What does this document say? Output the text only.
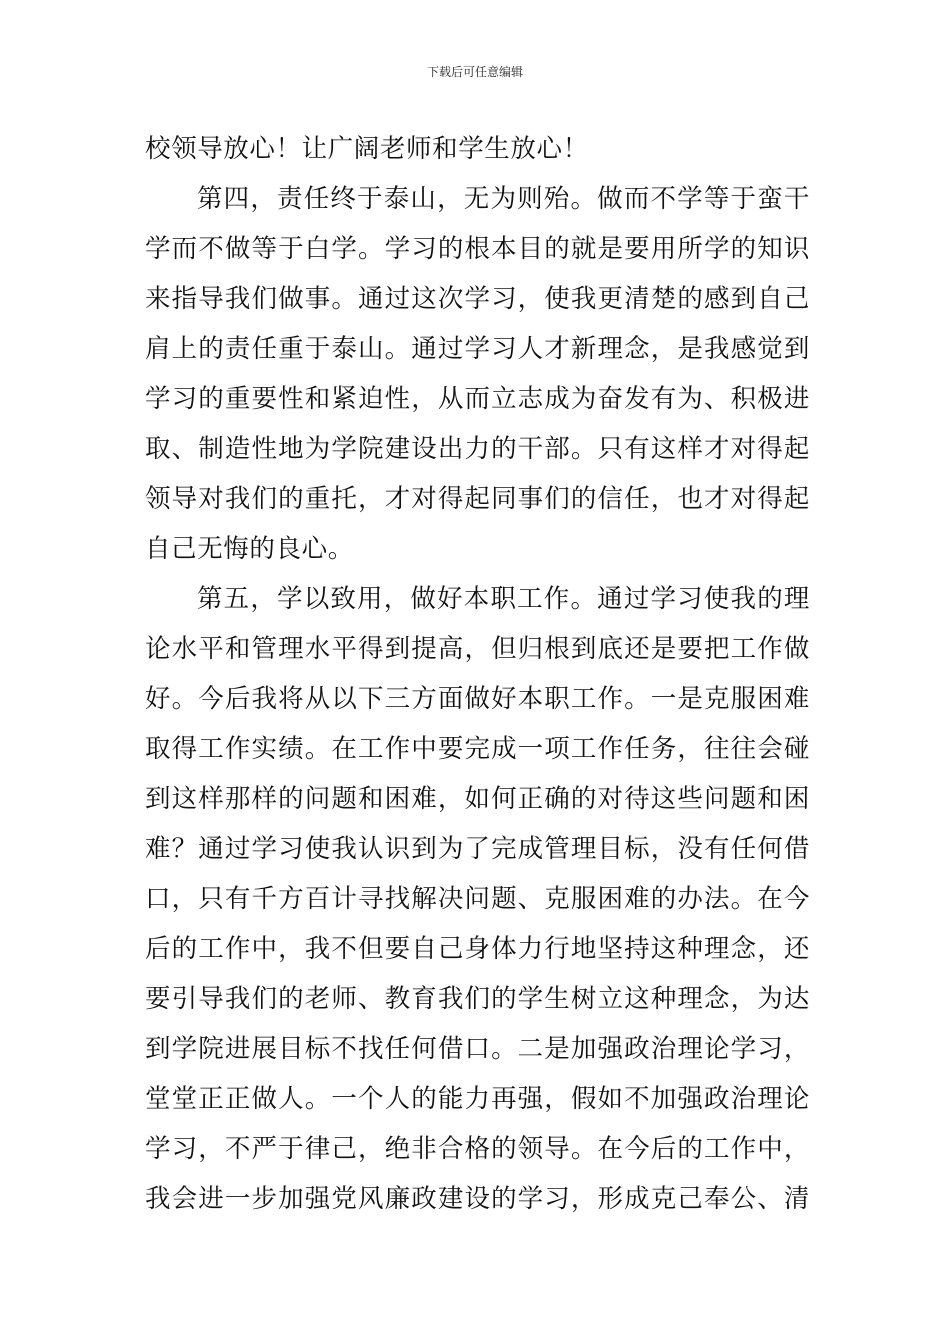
下载后可任意编辑
校领导放心！让广阔老师和学生放心！
第四，责任终于泰山，无为则殆。做而不学等于蛮干
学而不做等于白学。学习的根本目的就是要用所学的知识
来指导我们做事。通过这次学习，使我更清楚的感到自己
肩上的责任重于泰山。通过学习人才新理念，是我感觉到
学习的重要性和紧迫性，从而立志成为奋发有为、积极进
取、制造性地为学院建设出力的干部。只有这样才对得起
领导对我们的重托，才对得起同事们的信任，也才对得起
自己无悔的良心。
第五，学以致用，做好本职工作。通过学习使我的理
论水平和管理水平得到提高，但归根到底还是要把工作做
好。今后我将从以下三方面做好本职工作。一是克服困难
取得工作实绩。在工作中要完成一项工作任务，往往会碰
到这样那样的问题和困难，如何正确的对待这些问题和困
难？通过学习使我认识到为了完成管理目标，没有任何借
口，只有千方百计寻找解决问题、克服困难的办法。在今
后的工作中，我不但要自己身体力行地坚持这种理念，还
要引导我们的老师、教育我们的学生树立这种理念，为达
到学院进展目标不找任何借口。二是加强政治理论学习，
堂堂正正做人。一个人的能力再强，假如不加强政治理论
学习，不严于律己，绝非合格的领导。在今后的工作中，
我会进一步加强党风廉政建设的学习，形成克己奉公、清
